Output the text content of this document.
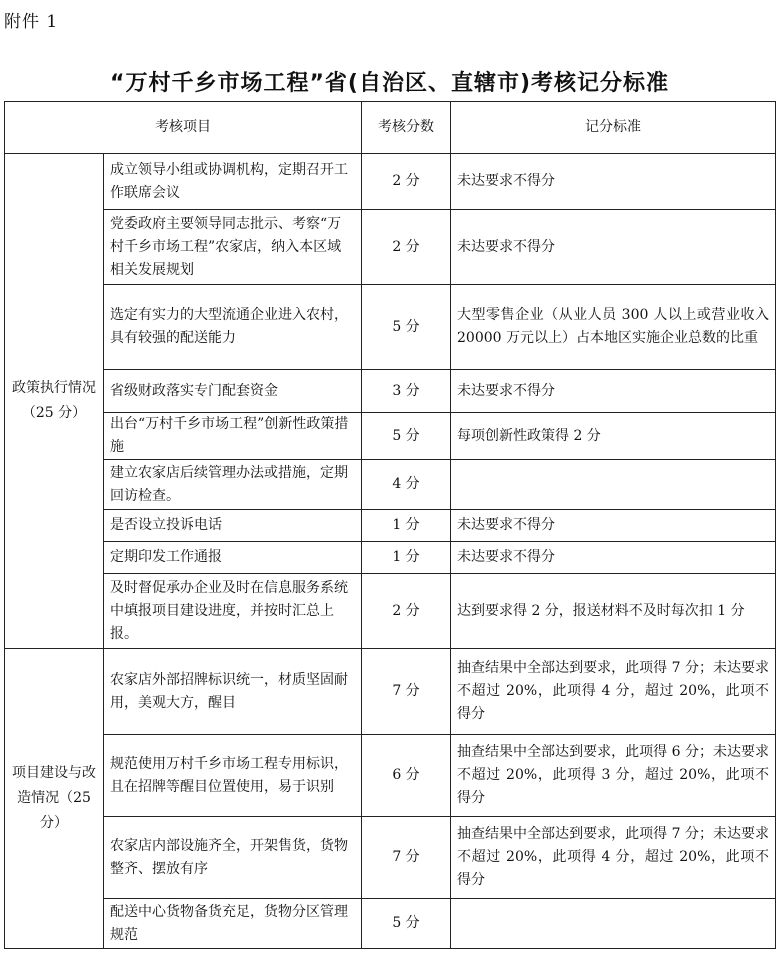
附件 1
“万村千乡市场工程”省(自治区、直辖市)考核记分标准
考核项目		考核分数	记分标准
政策执行情况（25 分）	成立领导小组或协调机构，定期召开工作联席会议	2 分	未达要求不得分
	党委政府主要领导同志批示、考察“万村千乡市场工程”农家店，纳入本区域相关发展规划	2 分	未达要求不得分
	选定有实力的大型流通企业进入农村，具有较强的配送能力	5 分	大型零售企业（从业人员 300 人以上或营业收入 20000 万元以上）占本地区实施企业总数的比重
	省级财政落实专门配套资金	3 分	未达要求不得分
	出台“万村千乡市场工程”创新性政策措施	5 分	每项创新性政策得 2 分
	建立农家店后续管理办法或措施，定期回访检查。	4 分	
	是否设立投诉电话	1 分	未达要求不得分
	定期印发工作通报	1 分	未达要求不得分
	及时督促承办企业及时在信息服务系统中填报项目建设进度，并按时汇总上报。	2 分	达到要求得 2 分，报送材料不及时每次扣 1 分
项目建设与改造情况（25 分）	农家店外部招牌标识统一，材质坚固耐用，美观大方，醒目	7 分	抽查结果中全部达到要求，此项得 7 分；未达要求不超过 20%，此项得 4 分，超过 20%，此项不得分
	规范使用万村千乡市场工程专用标识，且在招牌等醒目位置使用，易于识别	6 分	抽查结果中全部达到要求，此项得 6 分；未达要求不超过 20%，此项得 3 分，超过 20%，此项不得分
	农家店内部设施齐全，开架售货，货物整齐、摆放有序	7 分	抽查结果中全部达到要求，此项得 7 分；未达要求不超过 20%，此项得 4 分，超过 20%，此项不得分
	配送中心货物备货充足，货物分区管理规范	5 分	
